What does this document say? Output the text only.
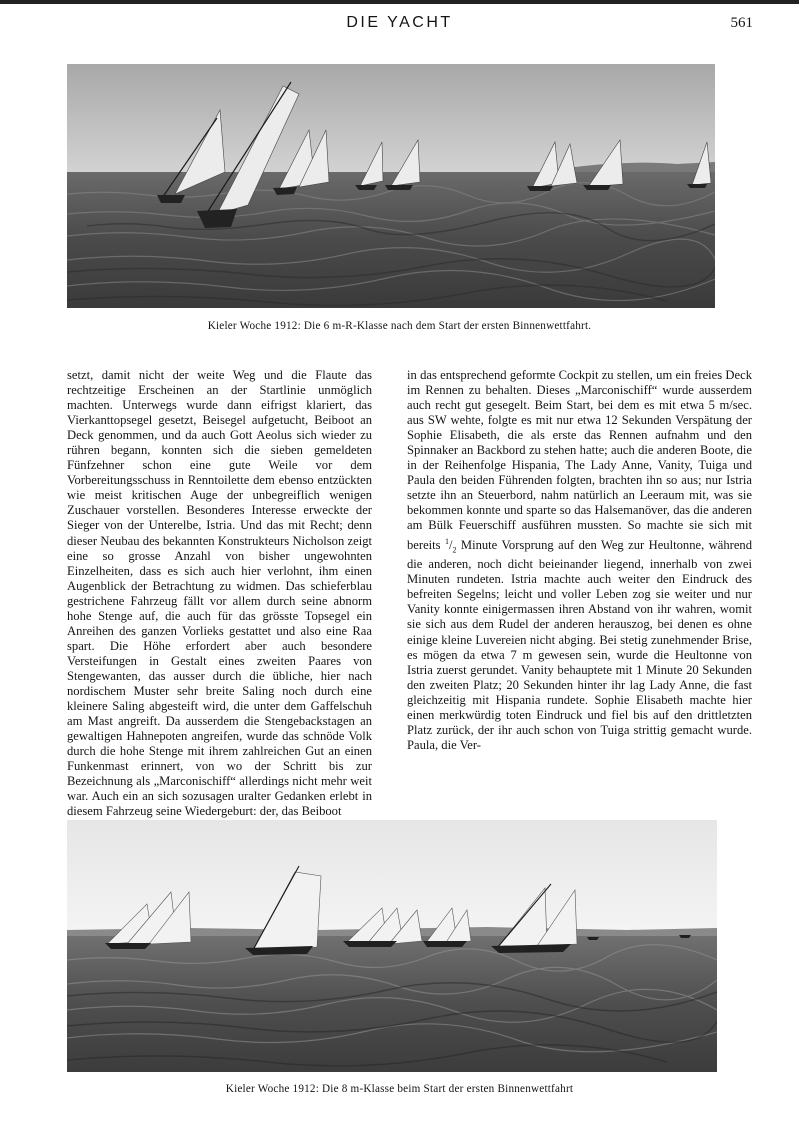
DIE YACHT	561
Kieler Woche 1912: Die 6 m-R-Klasse nach dem Start der ersten Binnenwettfahrt.

setzt, damit nicht der weite Weg und die Flaute das rechtzeitige Erscheinen an der Startlinie unmöglich machten. Unterwegs wurde dann eifrigst klariert, das Vierkanttopsegel gesetzt, Beisegel aufgetucht, Beiboot an Deck genommen, und da auch Gott Aeolus sich wieder zu rühren begann, konnten sich die sieben gemeldeten Fünfzehner schon eine gute Weile vor dem Vorbereitungsschuss in Renntoilette dem ebenso entzückten wie meist kritischen Auge der unbegreiflich wenigen Zuschauer vorstellen. Besonderes Interesse erweckte der Sieger von der Unterelbe, Istria. Und das mit Recht; denn dieser Neubau des bekannten Konstrukteurs Nicholson zeigt eine so grosse Anzahl von bisher ungewohnten Einzelheiten, dass es sich auch hier verlohnt, ihm einen Augenblick der Betrachtung zu widmen. Das schieferblau gestrichene Fahrzeug fällt vor allem durch seine abnorm hohe Stenge auf, die auch für das grösste Topsegel ein Anreihen des ganzen Vorlieks gestattet und also eine Raa spart. Die Höhe erfordert aber auch besondere Versteifungen in Gestalt eines zweiten Paares von Stengewanten, das ausser durch die übliche, hier nach nordischem Muster sehr breite Saling noch durch eine kleinere Saling abgesteift wird, die unter dem Gaffelschuh am Mast angreift. Da ausserdem die Stengebackstagen an gewaltigen Hahnepoten angreifen, wurde das schnöde Volk durch die hohe Stenge mit ihrem zahlreichen Gut an einen Funkenmast erinnert, von wo der Schritt bis zur Bezeichnung als „Marconischiff“ allerdings nicht mehr weit war. Auch ein an sich sozusagen uralter Gedanken erlebt in diesem Fahrzeug seine Wiedergeburt: der, das Beiboot

in das entsprechend geformte Cockpit zu stellen, um ein freies Deck im Rennen zu behalten. Dieses „Marconischiff“ wurde ausserdem auch recht gut gesegelt. Beim Start, bei dem es mit etwa 5 m/sec. aus SW wehte, folgte es mit nur etwa 12 Sekunden Verspätung der Sophie Elisabeth, die als erste das Rennen aufnahm und den Spinnaker an Backbord zu stehen hatte; auch die anderen Boote, die in der Reihenfolge Hispania, The Lady Anne, Vanity, Tuiga und Paula den beiden Führenden folgten, brachten ihn so aus; nur Istria setzte ihn an Steuerbord, nahm natürlich an Leeraum mit, was sie bekommen konnte und sparte so das Halsemanöver, das die anderen am Bülk Feuerschiff ausführen mussten. So machte sie sich mit bereits $^1/_2$ Minute Vorsprung auf den Weg zur Heultonne, während die anderen, noch dicht beieinander liegend, innerhalb von zwei Minuten rundeten. Istria machte auch weiter den Eindruck des befreiten Segelns; leicht und voller Leben zog sie weiter und nur Vanity konnte einigermassen ihren Abstand von ihr wahren, womit sie sich aus dem Rudel der anderen herauszog, bei denen es ohne einige kleine Luvereien nicht abging. Bei stetig zunehmender Brise, es mögen da etwa 7 m gewesen sein, wurde die Heultonne von Istria zuerst gerundet. Vanity behauptete mit 1 Minute 20 Sekunden den zweiten Platz; 20 Sekunden hinter ihr lag Lady Anne, die fast gleichzeitig mit Hispania rundete. Sophie Elisabeth machte hier einen merkwürdig toten Eindruck und fiel bis auf den drittletzten Platz zurück, der ihr auch schon von Tuiga strittig gemacht wurde. Paula, die Ver-

Kieler Woche 1912: Die 8 m-Klasse beim Start der ersten Binnenwettfahrt
